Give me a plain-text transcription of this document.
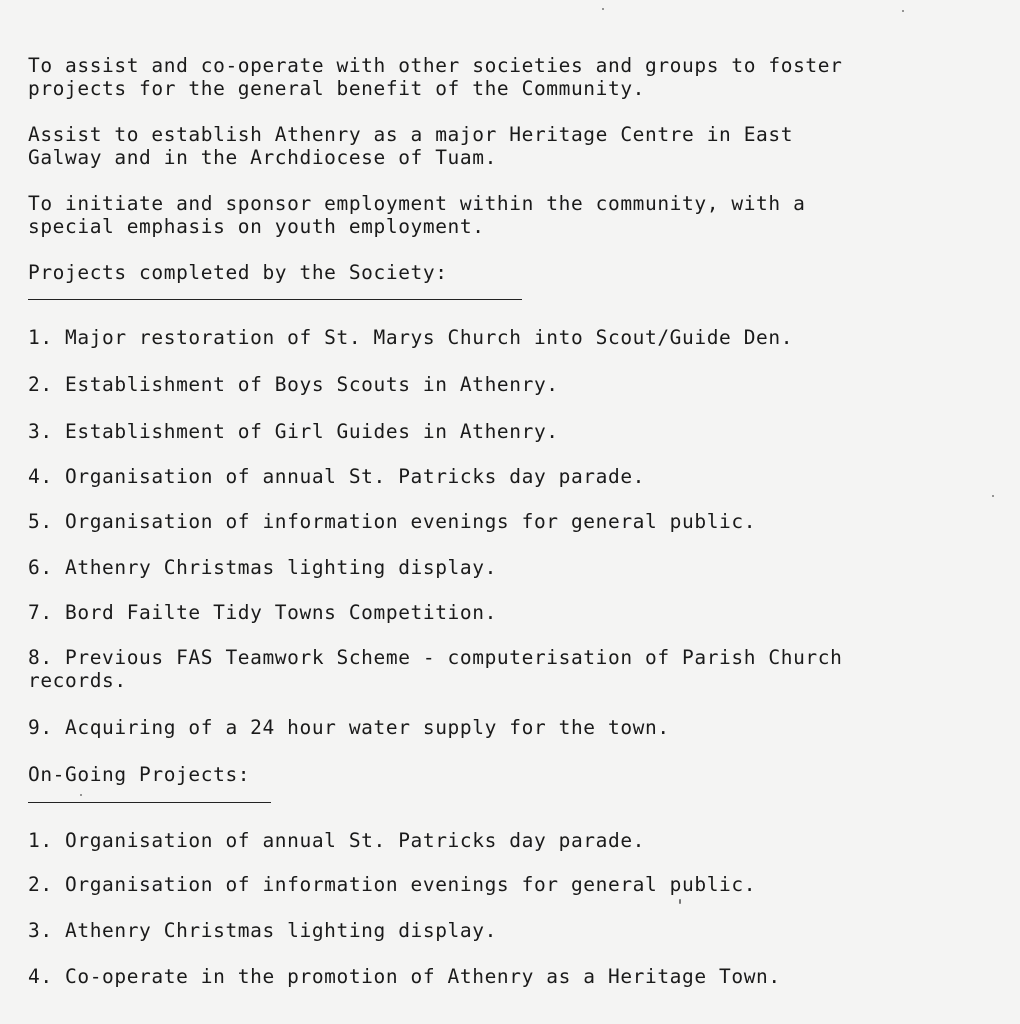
To assist and co-operate with other societies and groups to foster

projects for the general benefit of the Community.

Assist to establish Athenry as a major Heritage Centre in East

Galway and in the Archdiocese of Tuam.

To initiate and sponsor employment within the community, with a

special emphasis on youth employment.

Projects completed by the Society:

1. Major restoration of St. Marys Church into Scout/Guide Den.

2. Establishment of Boys Scouts in Athenry.

3. Establishment of Girl Guides in Athenry.

4. Organisation of annual St. Patricks day parade.

5. Organisation of information evenings for general public.

6. Athenry Christmas lighting display.

7. Bord Failte Tidy Towns Competition.

8. Previous FAS Teamwork Scheme - computerisation of Parish Church

records.

9. Acquiring of a 24 hour water supply for the town.

On-Going Projects:

1. Organisation of annual St. Patricks day parade.

2. Organisation of information evenings for general public.

3. Athenry Christmas lighting display.

4. Co-operate in the promotion of Athenry as a Heritage Town.
